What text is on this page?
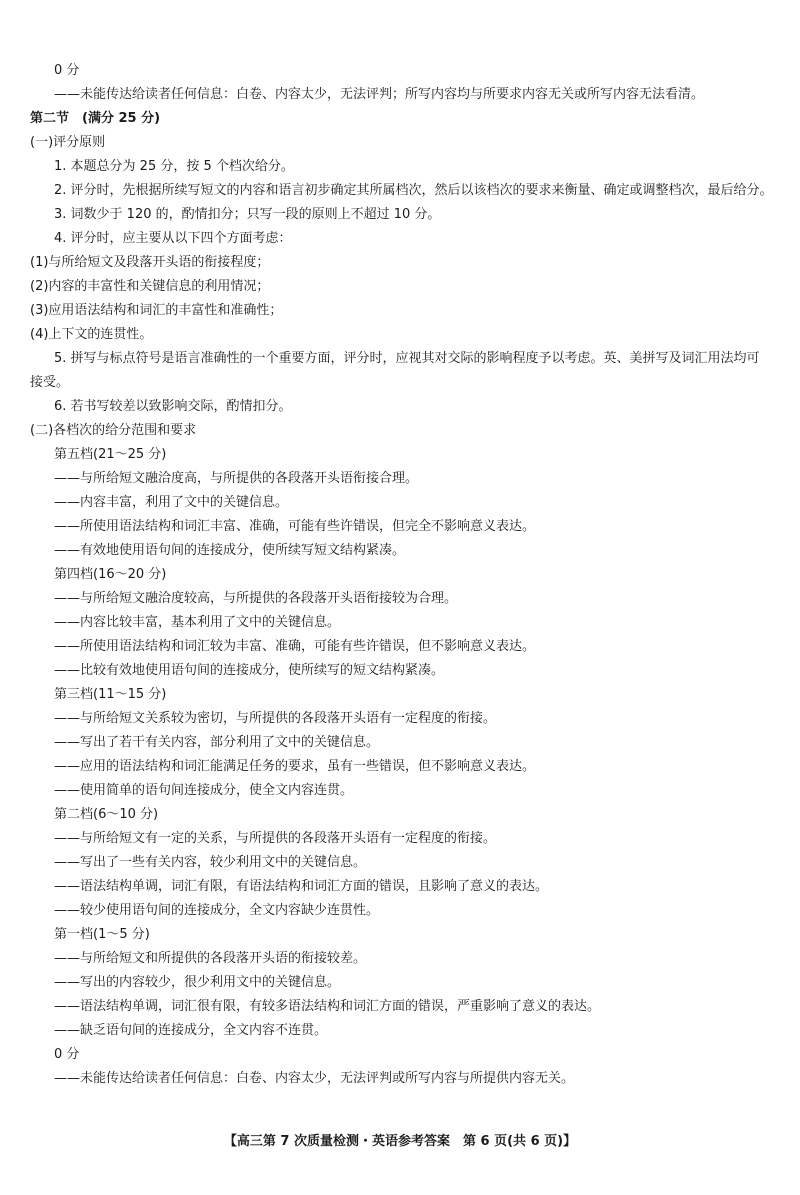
0 分
——未能传达给读者任何信息：白卷、内容太少，无法评判；所写内容均与所要求内容无关或所写内容无法看清。
第二节　(满分 25 分)
(一)评分原则
1. 本题总分为 25 分，按 5 个档次给分。
2. 评分时，先根据所续写短文的内容和语言初步确定其所属档次，然后以该档次的要求来衡量、确定或调整档次，最后给分。
3. 词数少于 120 的，酌情扣分；只写一段的原则上不超过 10 分。
4. 评分时，应主要从以下四个方面考虑：
(1)与所给短文及段落开头语的衔接程度；
(2)内容的丰富性和关键信息的利用情况；
(3)应用语法结构和词汇的丰富性和准确性；
(4)上下文的连贯性。
5. 拼写与标点符号是语言准确性的一个重要方面，评分时，应视其对交际的影响程度予以考虑。英、美拼写及词汇用法均可
接受。
6. 若书写较差以致影响交际，酌情扣分。
(二)各档次的给分范围和要求
第五档(21～25 分)
——与所给短文融洽度高，与所提供的各段落开头语衔接合理。
——内容丰富，利用了文中的关键信息。
——所使用语法结构和词汇丰富、准确，可能有些许错误，但完全不影响意义表达。
——有效地使用语句间的连接成分，使所续写短文结构紧凑。
第四档(16～20 分)
——与所给短文融洽度较高，与所提供的各段落开头语衔接较为合理。
——内容比较丰富，基本利用了文中的关键信息。
——所使用语法结构和词汇较为丰富、准确，可能有些许错误，但不影响意义表达。
——比较有效地使用语句间的连接成分，使所续写的短文结构紧凑。
第三档(11～15 分)
——与所给短文关系较为密切，与所提供的各段落开头语有一定程度的衔接。
——写出了若干有关内容，部分利用了文中的关键信息。
——应用的语法结构和词汇能满足任务的要求，虽有一些错误，但不影响意义表达。
——使用简单的语句间连接成分，使全文内容连贯。
第二档(6～10 分)
——与所给短文有一定的关系，与所提供的各段落开头语有一定程度的衔接。
——写出了一些有关内容，较少利用文中的关键信息。
——语法结构单调，词汇有限，有语法结构和词汇方面的错误，且影响了意义的表达。
——较少使用语句间的连接成分，全文内容缺少连贯性。
第一档(1～5 分)
——与所给短文和所提供的各段落开头语的衔接较差。
——写出的内容较少，很少利用文中的关键信息。
——语法结构单调，词汇很有限，有较多语法结构和词汇方面的错误，严重影响了意义的表达。
——缺乏语句间的连接成分，全文内容不连贯。
0 分
——未能传达给读者任何信息：白卷、内容太少，无法评判或所写内容与所提供内容无关。
【高三第 7 次质量检测・英语参考答案　第 6 页(共 6 页)】
